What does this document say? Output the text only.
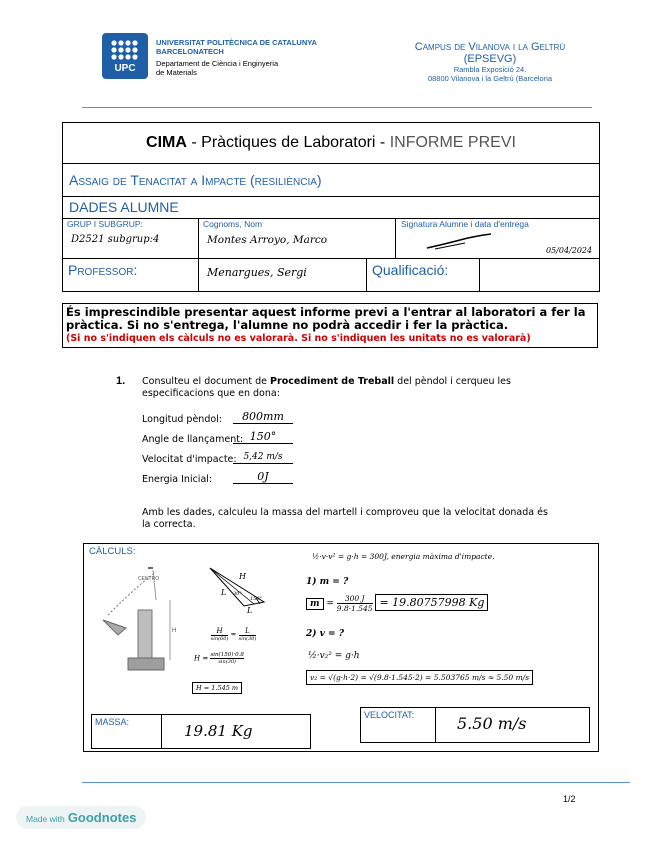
UPC
UNIVERSITAT POLITÈCNICA DE CATALUNYA
BARCELONATECH
Departament de Ciència i Enginyeria
de Materials
Campus de Vilanova i la Geltrú
(EPSEVG)
Rambla Exposició 24.
08800 Vilanova i la Geltrú (Barcelona
CIMA - Pràctiques de Laboratori - INFORME PREVI
Assaig de Tenacitat a Impacte (resiliència)
DADES ALUMNE
GRUP I SUBGRUP:
D2521 subgrup:4
Cognoms, Nom
Montes Arroyo, Marco
Signatura Alumne i data d'entrega
05/04/2024
Professor:	Menargues, Sergi	Qualificació:
És imprescindible presentar aquest informe previ a l'entrar al laboratori a fer la
pràctica. Si no s'entrega, l'alumne no podrà accedir i fer la pràctica.
(Si no s'indiquen els càlculs no es valorarà. Si no s'indiquen les unitats no es valorarà)
1. Consulteu el document de Procediment de Treball del pèndol i cerqueu les
especificacions que en dona:
Longitud pèndol:	800mm
Angle de llançament: 150°
Velocitat d'impacte: 5,42 m/s
Energia Inicial:	0J
Amb les dades, calculeu la massa del martell i comproveu que la velocitat donada és
la correcta.
CÀLCULS:
H
CENTRO	H
L
L
30°
150°
H
sin(60)
= L
sin(30)
$H = \frac{\sin(150)\cdot 0.8}{\sin(30)}$
H = 1.545 m
½·v·v² = g·h = 300J, energia màxima d'impacte.
1) m = ?
$m = \frac{300 J}{9.8\cdot 1.545} = 19.80757998$ Kg
2) v = ?
½·v₂² = g·h
v₂ = √(g·h·2) = √(9.8·1.545·2) = 5.503765 m/s ≈ 5.50 m/s
MASSA:	19.81 Kg
VELOCITAT:	5.50 m/s
1/2
Made with Goodnotes
